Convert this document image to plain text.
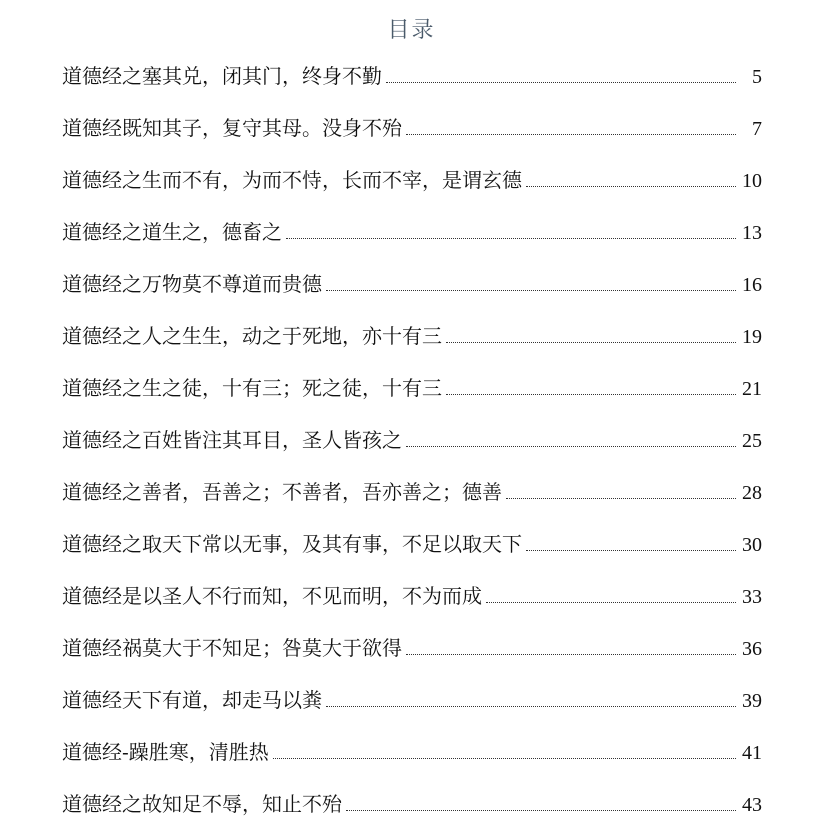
目录
道德经之塞其兑，闭其门，终身不勤	5
道德经既知其子，复守其母。没身不殆	7
道德经之生而不有，为而不恃，长而不宰，是谓玄德	10
道德经之道生之，德畜之	13
道德经之万物莫不尊道而贵德	16
道德经之人之生生，动之于死地，亦十有三	19
道德经之生之徒，十有三；死之徒，十有三	21
道德经之百姓皆注其耳目，圣人皆孩之	25
道德经之善者，吾善之；不善者，吾亦善之；德善	28
道德经之取天下常以无事，及其有事，不足以取天下	30
道德经是以圣人不行而知，不见而明，不为而成	33
道德经祸莫大于不知足；咎莫大于欲得	36
道德经天下有道，却走马以粪	39
道德经-躁胜寒，清胜热	41
道德经之故知足不辱，知止不殆	43
